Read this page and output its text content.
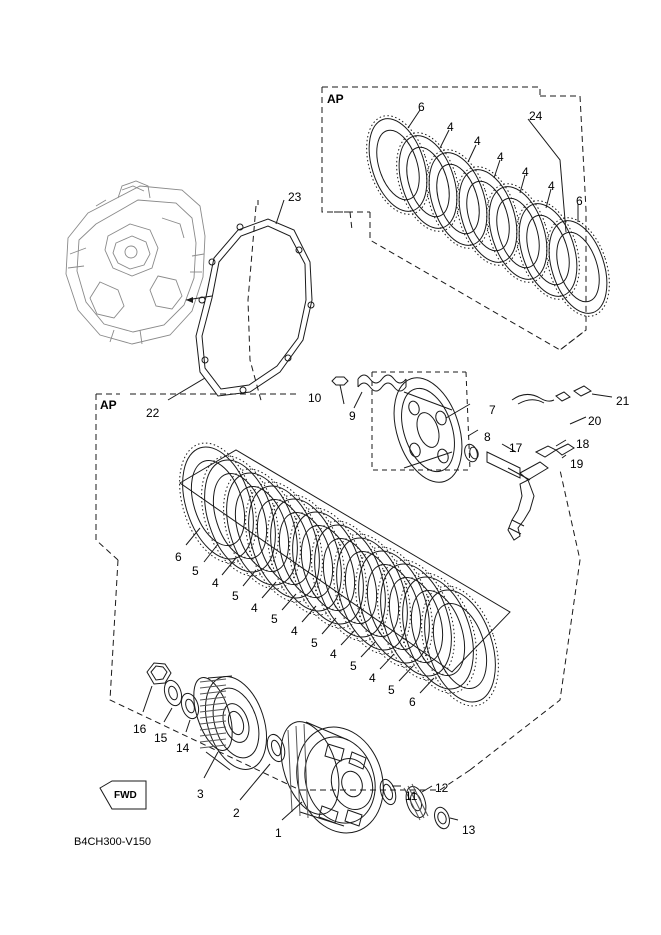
AP
AP
FWD
B4CH300-V150
24
6
4
4
4
4
4
6
23
22
10
9	7
8
17
21
20
18
19
6
5
4
5
4
5
4
5
4
5
4
5
6
16
15
14
3
2
1
11
12
13
